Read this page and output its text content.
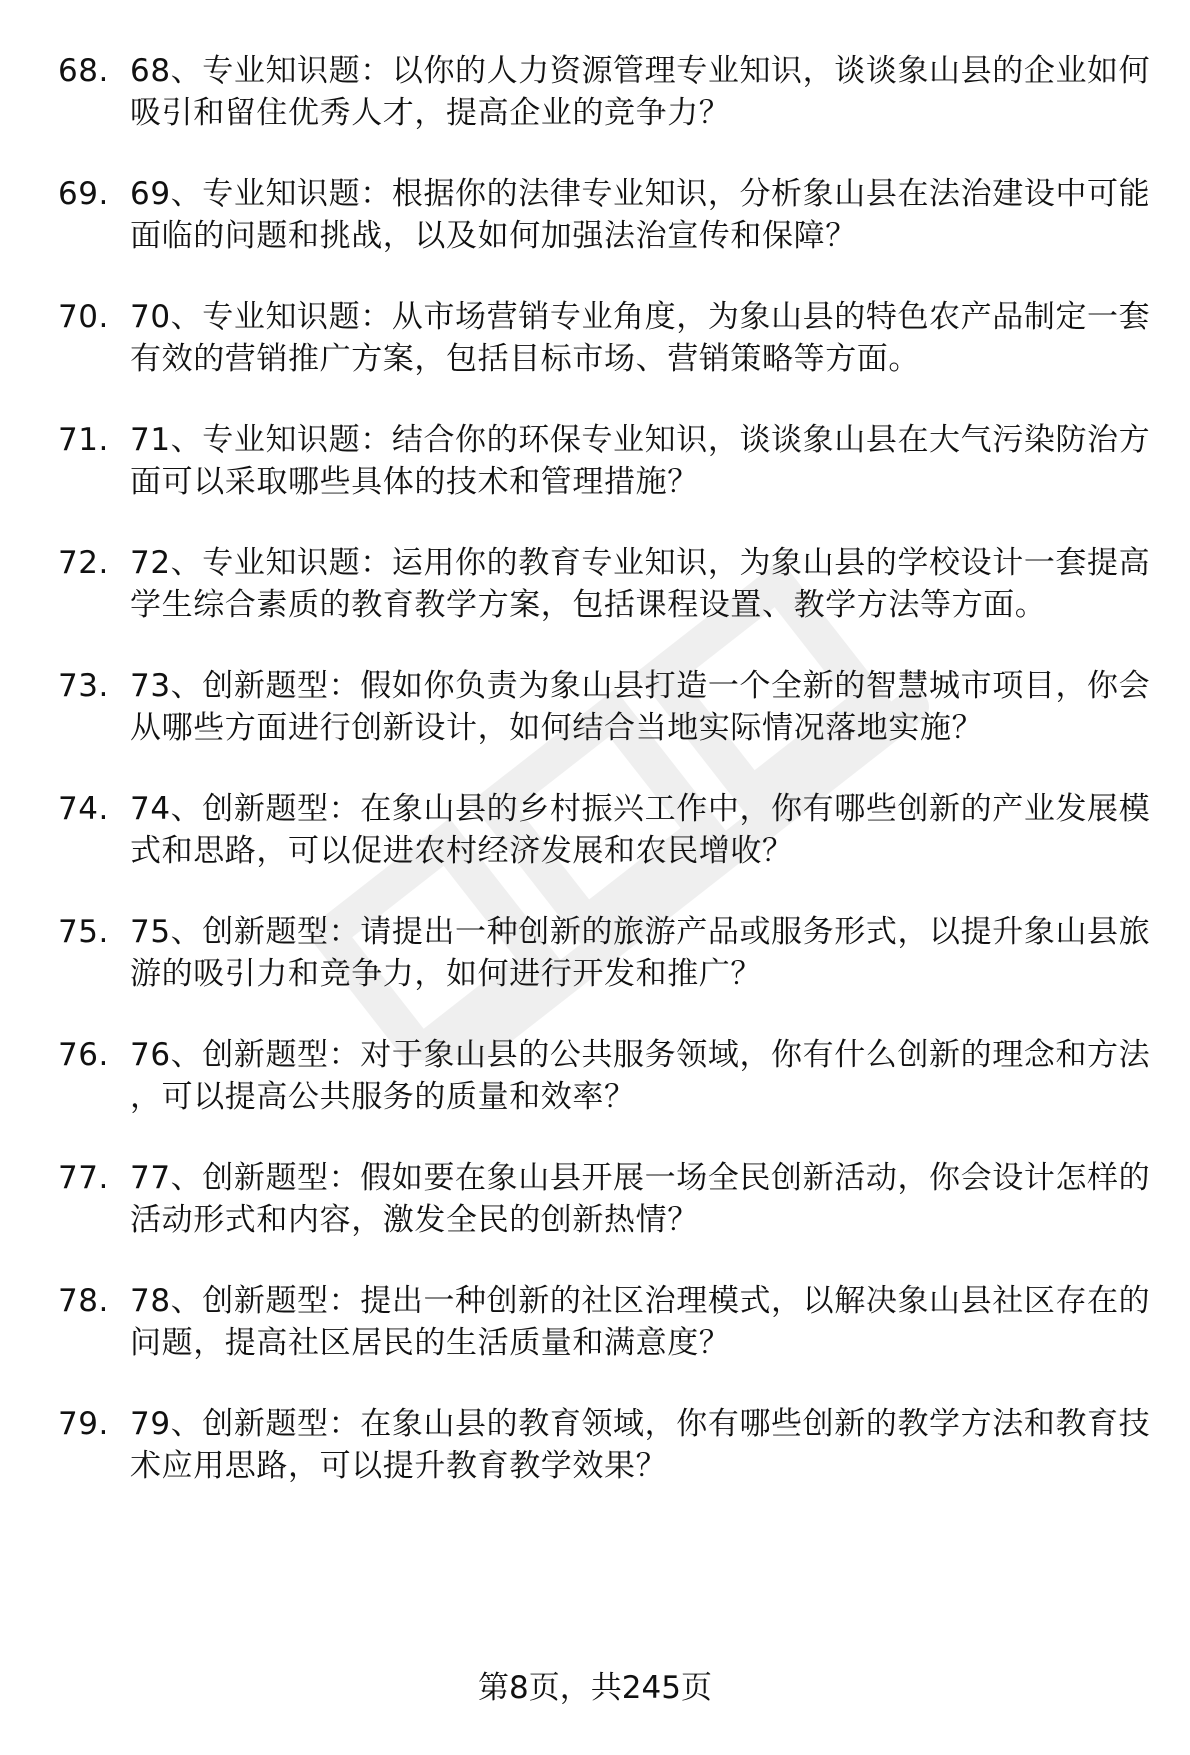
68. 68、专业知识题：以你的人力资源管理专业知识，谈谈象山县的企业如何吸引和留住优秀人才，提高企业的竞争力？
69. 69、专业知识题：根据你的法律专业知识，分析象山县在法治建设中可能面临的问题和挑战，以及如何加强法治宣传和保障？
70. 70、专业知识题：从市场营销专业角度，为象山县的特色农产品制定一套有效的营销推广方案，包括目标市场、营销策略等方面。
71. 71、专业知识题：结合你的环保专业知识，谈谈象山县在大气污染防治方面可以采取哪些具体的技术和管理措施？
72. 72、专业知识题：运用你的教育专业知识，为象山县的学校设计一套提高学生综合素质的教育教学方案，包括课程设置、教学方法等方面。
73. 73、创新题型：假如你负责为象山县打造一个全新的智慧城市项目，你会从哪些方面进行创新设计，如何结合当地实际情况落地实施？
74. 74、创新题型：在象山县的乡村振兴工作中，你有哪些创新的产业发展模式和思路，可以促进农村经济发展和农民增收？
75. 75、创新题型：请提出一种创新的旅游产品或服务形式，以提升象山县旅游的吸引力和竞争力，如何进行开发和推广？
76. 76、创新题型：对于象山县的公共服务领域，你有什么创新的理念和方法，可以提高公共服务的质量和效率？
77. 77、创新题型：假如要在象山县开展一场全民创新活动，你会设计怎样的活动形式和内容，激发全民的创新热情？
78. 78、创新题型：提出一种创新的社区治理模式，以解决象山县社区存在的问题，提高社区居民的生活质量和满意度？
79. 79、创新题型：在象山县的教育领域，你有哪些创新的教学方法和教育技术应用思路，可以提升教育教学效果？
第8页，共245页
